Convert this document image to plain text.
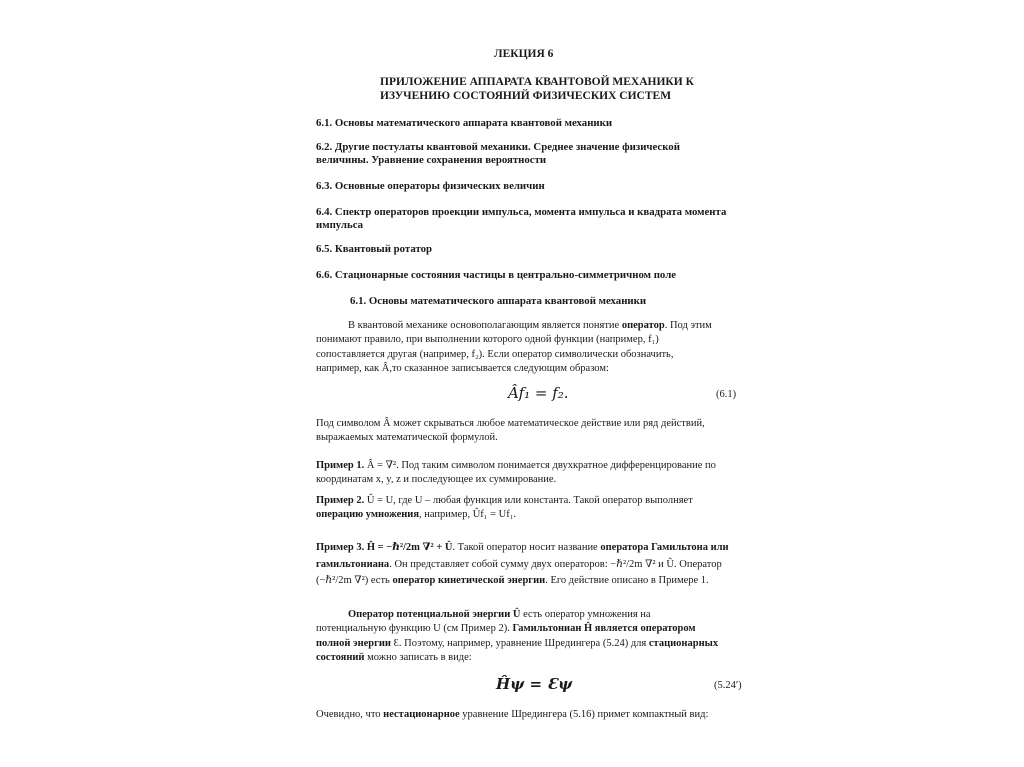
ЛЕКЦИЯ 6
ПРИЛОЖЕНИЕ АППАРАТА КВАНТОВОЙ МЕХАНИКИ К
ИЗУЧЕНИЮ СОСТОЯНИЙ ФИЗИЧЕСКИХ СИСТЕМ
6.1. Основы математического аппарата квантовой механики
6.2. Другие постулаты квантовой механики. Среднее значение физической
величины. Уравнение сохранения вероятности
6.3. Основные операторы физических величин
6.4. Спектр операторов проекции импульса, момента импульса и квадрата момента
импульса
6.5. Квантовый ротатор
6.6. Стационарные состояния частицы в центрально-симметричном поле
6.1. Основы математического аппарата квантовой механики
В квантовой механике основополагающим является понятие оператор. Под этим
понимают правило, при выполнении которого одной функции (например, f₁)
сопоставляется другая (например, f₂). Если оператор символически обозначить,
например, как Â,то сказанное записывается следующим образом:
Âf₁ = f₂.	(6.1)
Под символом Â может скрываться любое математическое действие или ряд действий,
выражаемых математической формулой.
Пример 1. Â = ∇². Под таким символом понимается двухкратное дифференцирование по
координатам x, y, z и последующее их суммирование.
Пример 2. Û = U, где U – любая функция или константа. Такой оператор выполняет
операцию умножения, например, Ûf₁ = Uf₁.
Пример 3. Ĥ = −ℏ²/2m ∇² + Û. Такой оператор носит название оператора Гамильтона или
гамильтониана. Он представляет собой сумму двух операторов: −ℏ²/2m ∇² и Û. Оператор
(−ℏ²/2m ∇²) есть оператор кинетической энергии. Его действие описано в Примере 1.
Оператор потенциальной энергии Û есть оператор умножения на
потенциальную функцию U (см Пример 2). Гамильтониан Ĥ является оператором
полной энергии Ɛ. Поэтому, например, уравнение Шредингера (5.24) для стационарных
состояний можно записать в виде:
Ĥψ = Ɛψ	(5.24′)
Очевидно, что нестационарное уравнение Шредингера (5.16) примет компактный вид:
